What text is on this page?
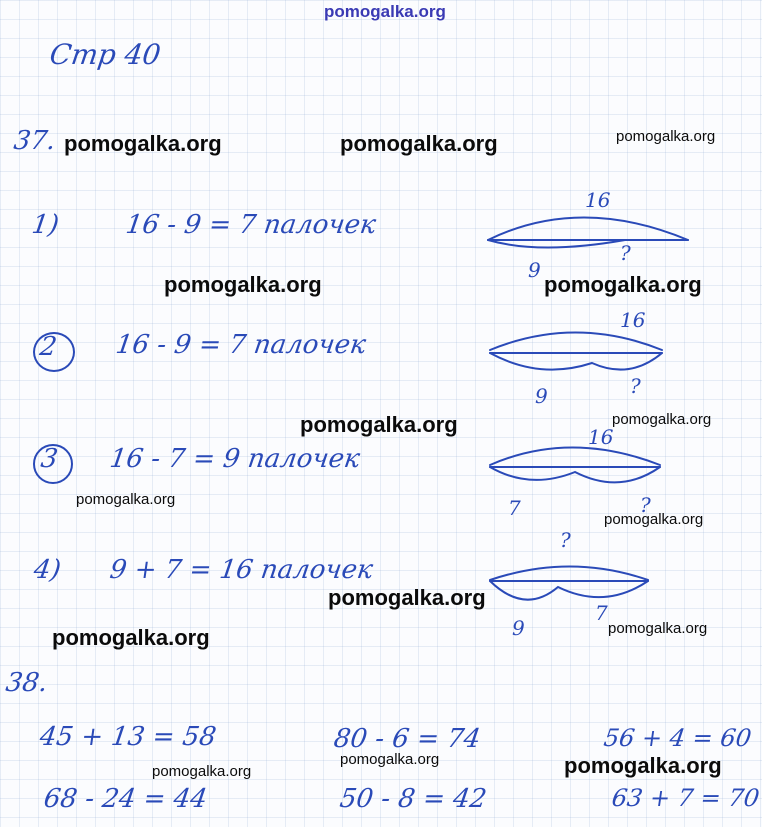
pomogalka.org
Стр 40
37.
1) 16 - 9 = 7 палочек
16
9
?
2 16 - 9 = 7 палочек
16
9	?
3 16 - 7 = 9 палочек
16
7	?
4) 9 + 7 = 16 палочек
?
9
7
38.
45 + 13 = 58	80 - 6 = 74	56 + 4 = 60
68 - 24 = 44	50 - 8 = 42	63 + 7 = 70
pomogalka.org	pomogalka.org	pomogalka.org
pomogalka.org	pomogalka.org
pomogalka.org	pomogalka.org
pomogalka.org
pomogalka.org
pomogalka.org
pomogalka.org
pomogalka.org
pomogalka.org
pomogalka.org	pomogalka.org
